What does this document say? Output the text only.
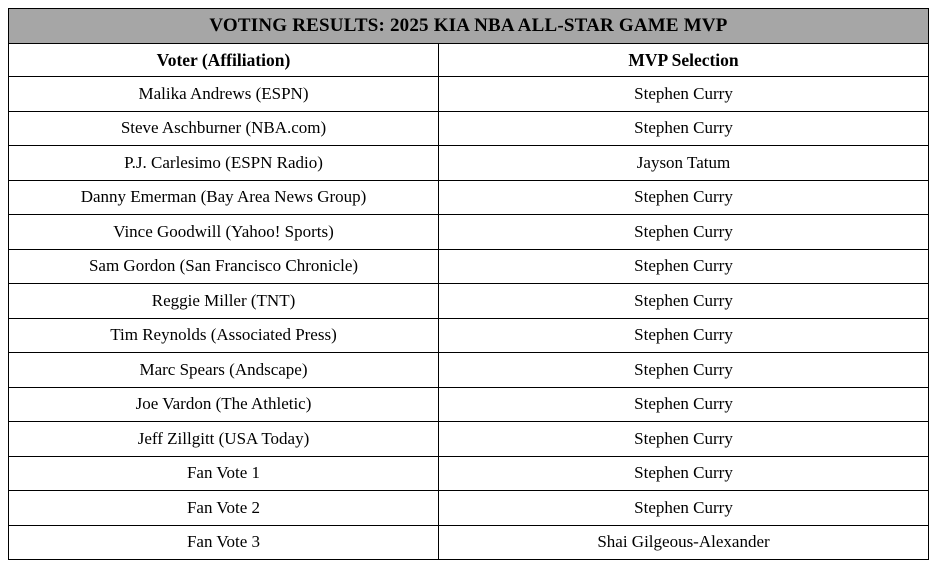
VOTING RESULTS: 2025 KIA NBA ALL-STAR GAME MVP	
Voter (Affiliation)	MVP Selection
Malika Andrews (ESPN)	Stephen Curry
Steve Aschburner (NBA.com)	Stephen Curry
P.J. Carlesimo (ESPN Radio)	Jayson Tatum
Danny Emerman (Bay Area News Group)	Stephen Curry
Vince Goodwill (Yahoo! Sports)	Stephen Curry
Sam Gordon (San Francisco Chronicle)	Stephen Curry
Reggie Miller (TNT)	Stephen Curry
Tim Reynolds (Associated Press)	Stephen Curry
Marc Spears (Andscape)	Stephen Curry
Joe Vardon (The Athletic)	Stephen Curry
Jeff Zillgitt (USA Today)	Stephen Curry
Fan Vote 1	Stephen Curry
Fan Vote 2	Stephen Curry
Fan Vote 3	Shai Gilgeous-Alexander
